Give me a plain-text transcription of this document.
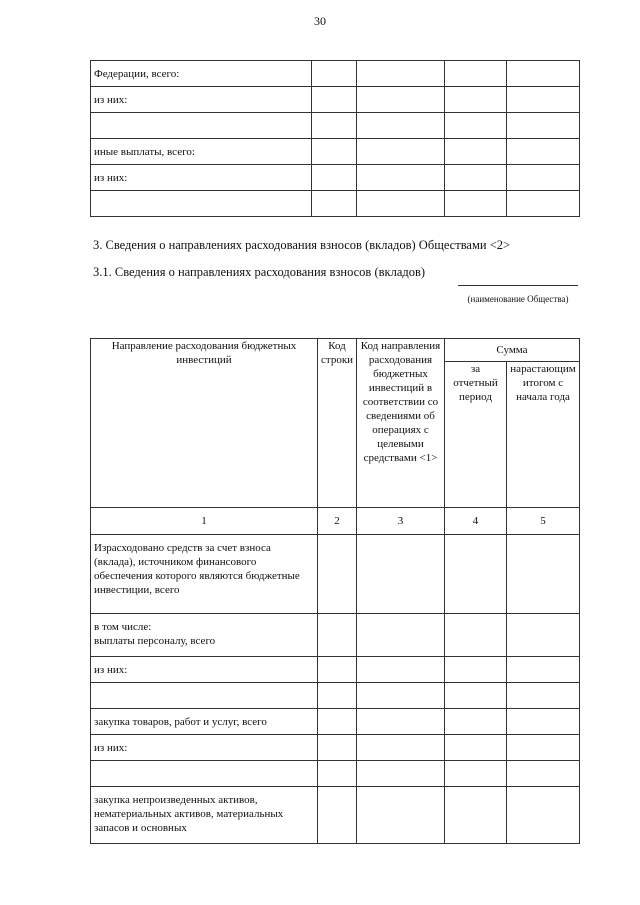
30
Федерации, всего:				
из них:				

иные выплаты, всего:				
из них:				

3. Сведения о направлениях расходования взносов (вкладов) Обществами <2>
3.1. Сведения о направлениях расходования взносов (вкладов)
(наименование Общества)
Направление расходования бюджетных инвестиций	Код строки	Код направления расходования бюджетных инвестиций в соответствии со сведениями об операциях с целевыми средствами <1>	Сумма	
			за отчетный период	нарастающим итогом с начала года
1	2	3	4	5
Израсходовано средств за счет взноса (вклада), источником финансового обеспечения которого являются бюджетные инвестиции, всего				
в том числе:
выплаты персоналу, всего				
из них:				

закупка товаров, работ и услуг, всего				
из них:				

закупка непроизведенных активов, нематериальных активов, материальных запасов и основных				
